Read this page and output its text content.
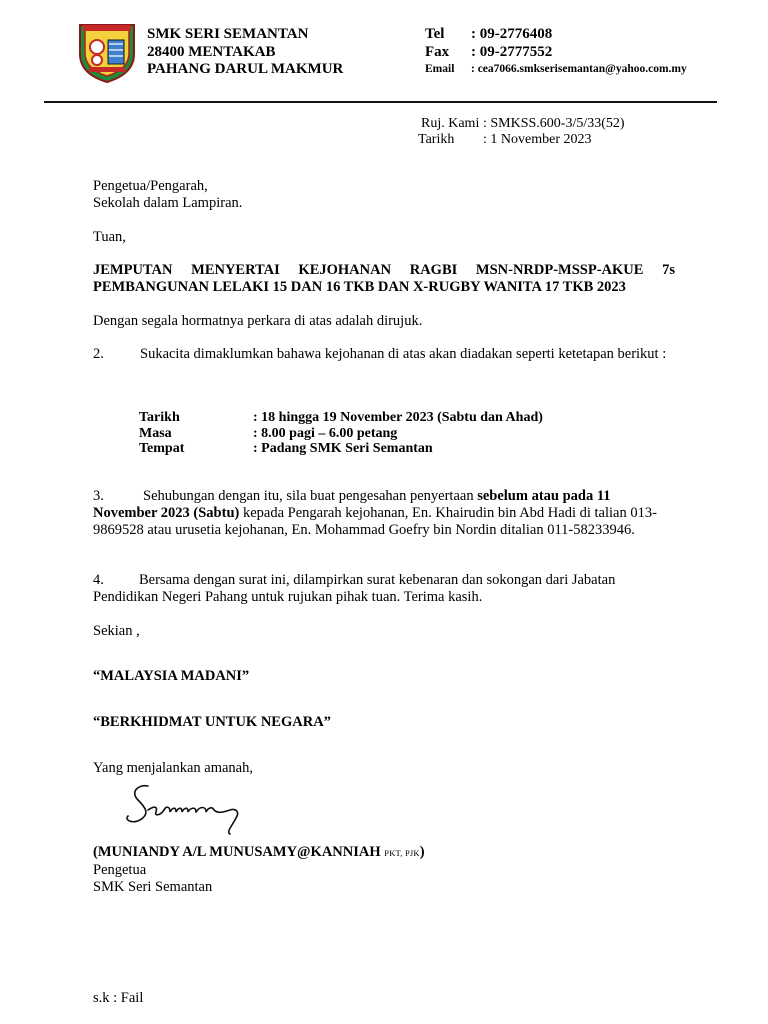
SMK SERI SEMANTAN
28400 MENTAKAB
PAHANG DARUL MAKMUR
Tel : 09-2776408
Fax : 09-2777552
Email : cea7066.smkserisemantan@yahoo.com.my
Ruj. Kami : SMKSS.600-3/5/33(52)
Tarikh : 1 November 2023
Pengetua/Pengarah,
Sekolah dalam Lampiran.
Tuan,
JEMPUTAN MENYERTAI KEJOHANAN RAGBI MSN-NRDP-MSSP-AKUE 7s
PEMBANGUNAN LELAKI 15 DAN 16 TKB DAN X-RUGBY WANITA 17 TKB 2023
Dengan segala hormatnya perkara di atas adalah dirujuk.
2. Sukacita dimaklumkan bahawa kejohanan di atas akan diadakan seperti ketetapan berikut :
Tarikh	: 18 hingga 19 November 2023 (Sabtu dan Ahad)
Masa	: 8.00 pagi – 6.00 petang
Tempat	: Padang SMK Seri Semantan
3.	Sehubungan dengan itu, sila buat pengesahan penyertaan sebelum atau pada 11 November 2023 (Sabtu) kepada Pengarah kejohanan, En. Khairudin bin Abd Hadi di talian 013-9869528 atau urusetia kejohanan, En. Mohammad Goefry bin Nordin ditalian 011-58233946.
4. Bersama dengan surat ini, dilampirkan surat kebenaran dan sokongan dari Jabatan Pendidikan Negeri Pahang untuk rujukan pihak tuan. Terima kasih.
Sekian ,
“MALAYSIA MADANI”
“BERKHIDMAT UNTUK NEGARA”
Yang menjalankan amanah,
(MUNIANDY A/L MUNUSAMY@KANNIAH PKT, PJK)
Pengetua
SMK Seri Semantan
s.k : Fail
